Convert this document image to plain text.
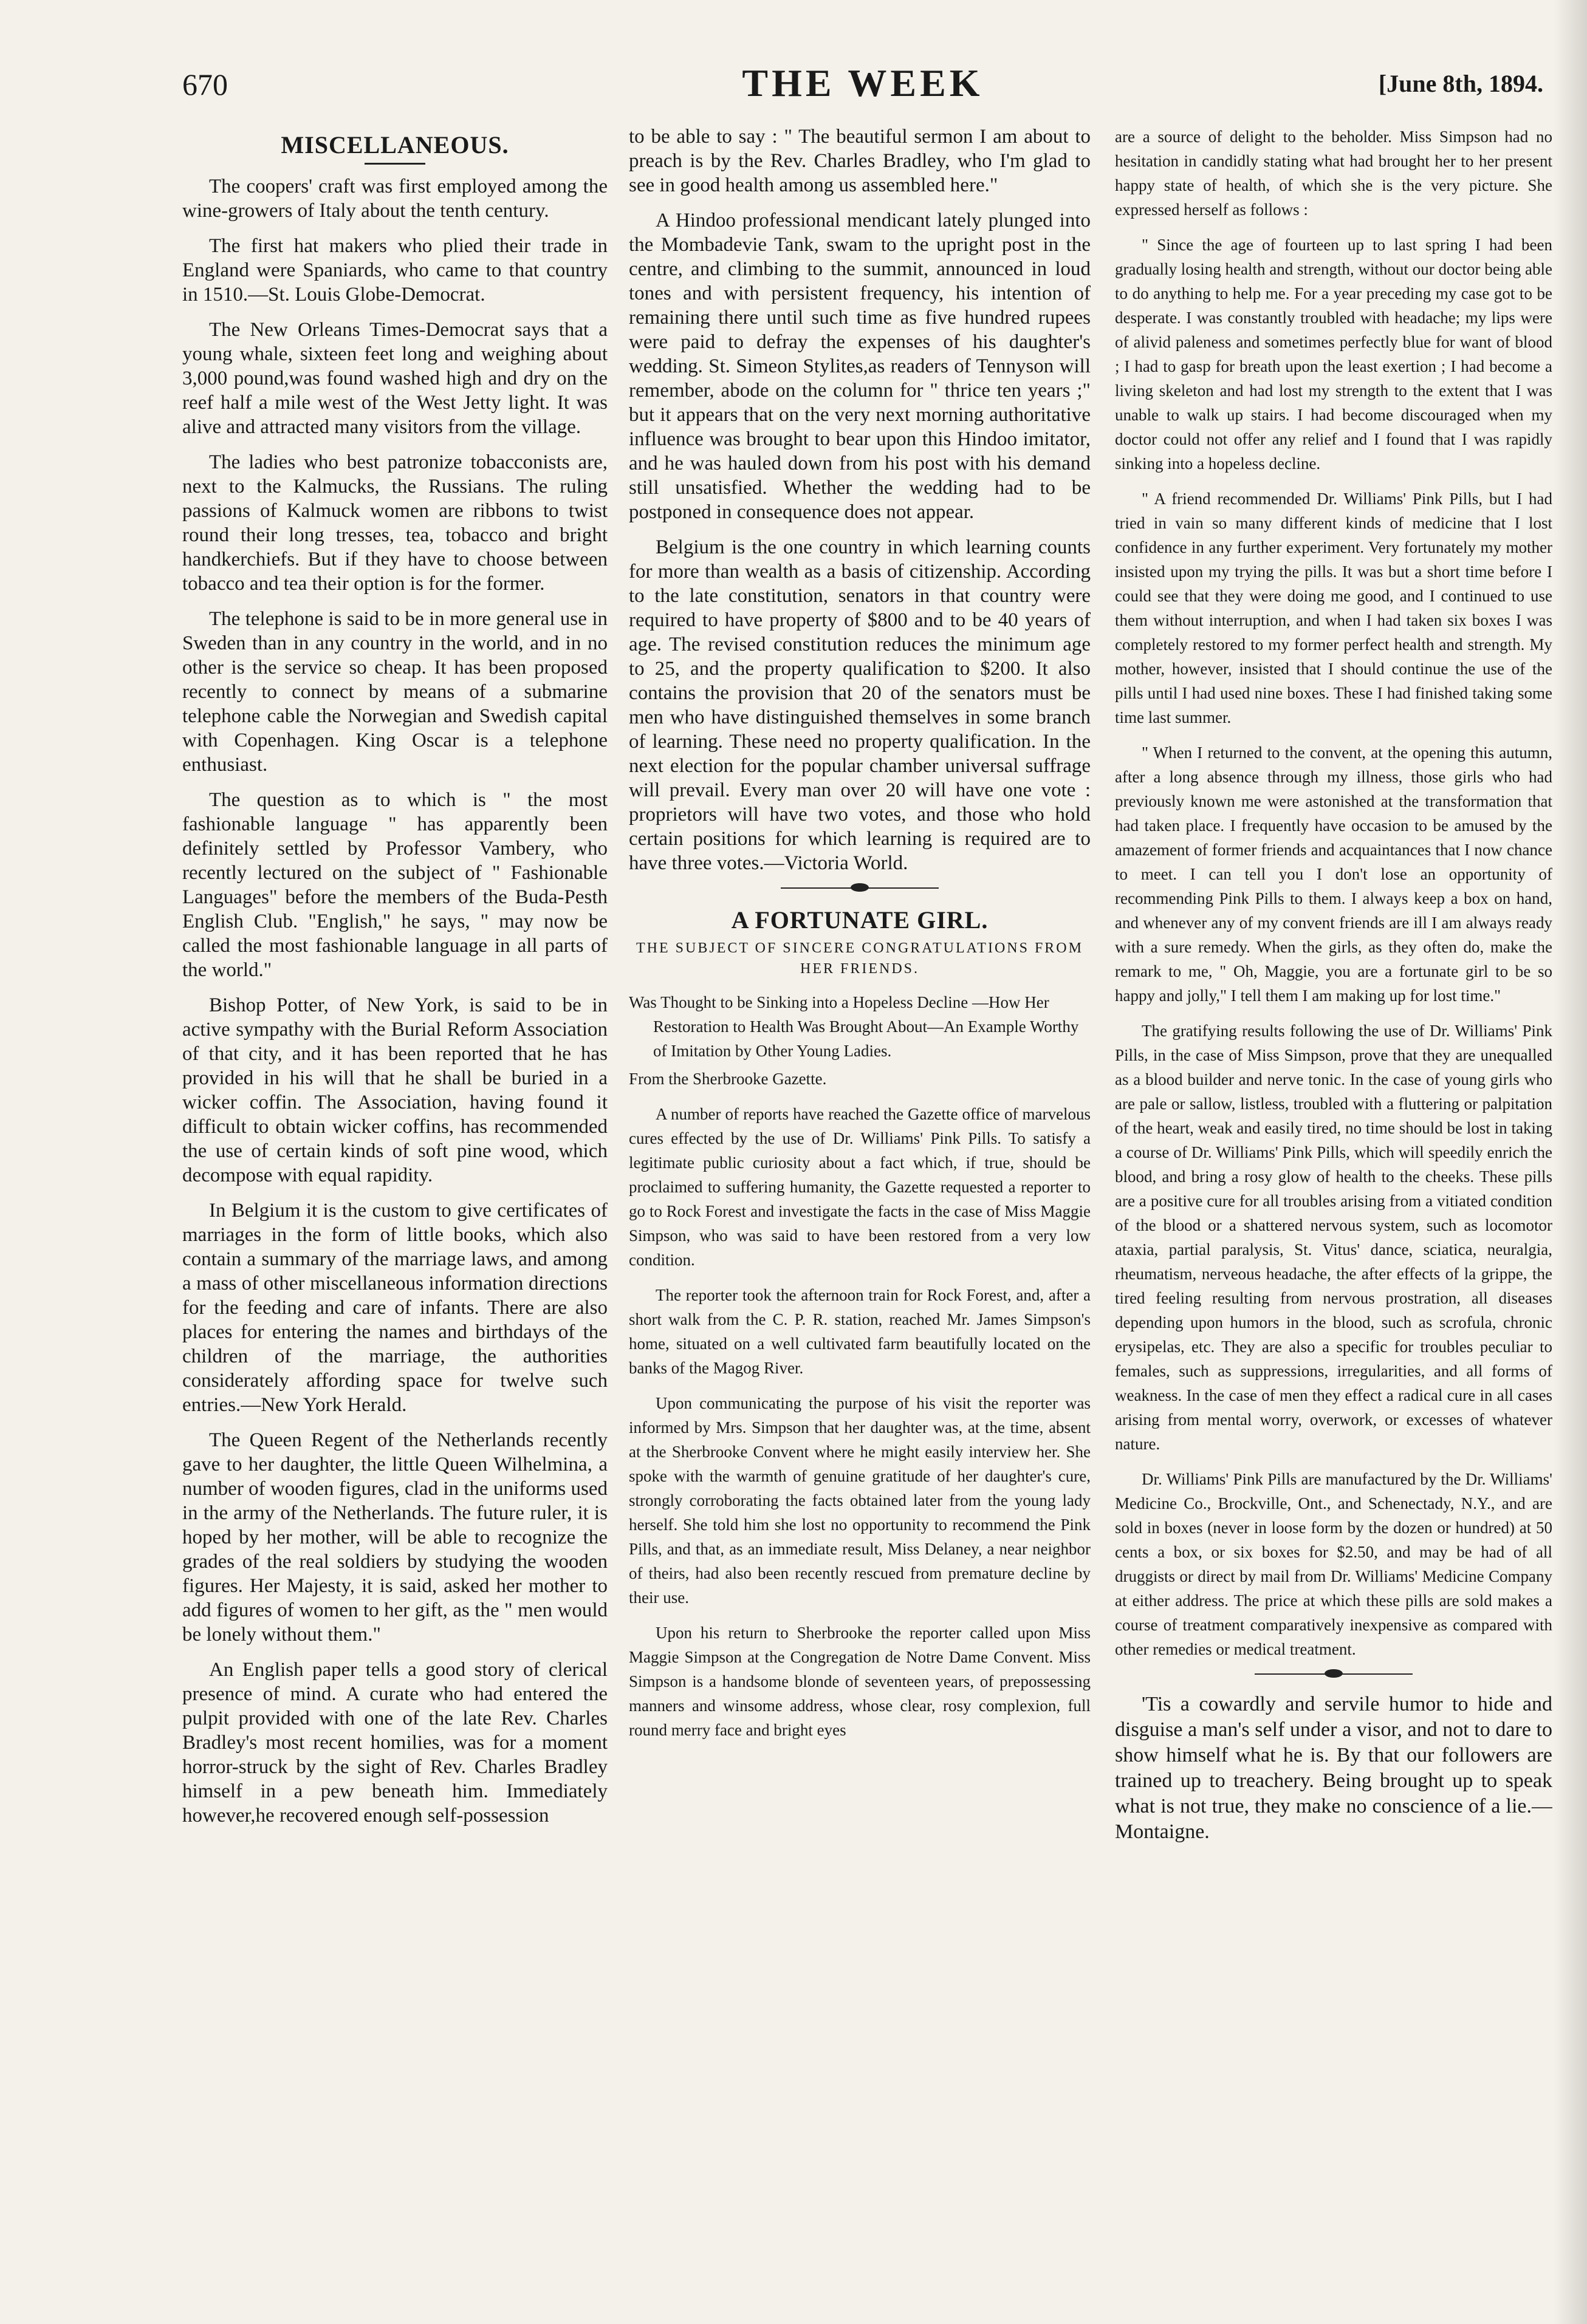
670	THE WEEK	[June 8th, 1894.
MISCELLANEOUS.

The coopers' craft was first employed among the wine-growers of Italy about the tenth century.

The first hat makers who plied their trade in England were Spaniards, who came to that country in 1510.—St. Louis Globe-Democrat.

The New Orleans Times-Democrat says that a young whale, sixteen feet long and weighing about 3,000 pound,was found washed high and dry on the reef half a mile west of the West Jetty light. It was alive and attracted many visitors from the village.

The ladies who best patronize tobacconists are, next to the Kalmucks, the Russians. The ruling passions of Kalmuck women are ribbons to twist round their long tresses, tea, tobacco and bright handkerchiefs. But if they have to choose between tobacco and tea their option is for the former.

The telephone is said to be in more general use in Sweden than in any country in the world, and in no other is the service so cheap. It has been proposed recently to connect by means of a submarine telephone cable the Norwegian and Swedish capital with Copenhagen. King Oscar is a telephone enthusiast.

The question as to which is " the most fashionable language " has apparently been definitely settled by Professor Vambery, who recently lectured on the subject of " Fashionable Languages" before the members of the Buda-Pesth English Club. "English," he says, " may now be called the most fashionable language in all parts of the world."

Bishop Potter, of New York, is said to be in active sympathy with the Burial Reform Association of that city, and it has been reported that he has provided in his will that he shall be buried in a wicker coffin. The Association, having found it difficult to obtain wicker coffins, has recommended the use of certain kinds of soft pine wood, which decompose with equal rapidity.

In Belgium it is the custom to give certificates of marriages in the form of little books, which also contain a summary of the marriage laws, and among a mass of other miscellaneous information directions for the feeding and care of infants. There are also places for entering the names and birthdays of the children of the marriage, the authorities considerately affording space for twelve such entries.—New York Herald.

The Queen Regent of the Netherlands recently gave to her daughter, the little Queen Wilhelmina, a number of wooden figures, clad in the uniforms used in the army of the Netherlands. The future ruler, it is hoped by her mother, will be able to recognize the grades of the real soldiers by studying the wooden figures. Her Majesty, it is said, asked her mother to add figures of women to her gift, as the " men would be lonely without them."

An English paper tells a good story of clerical presence of mind. A curate who had entered the pulpit provided with one of the late Rev. Charles Bradley's most recent homilies, was for a moment horror-struck by the sight of Rev. Charles Bradley himself in a pew beneath him. Immediately however,he recovered enough self-possession

to be able to say : " The beautiful sermon I am about to preach is by the Rev. Charles Bradley, who I'm glad to see in good health among us assembled here."

A Hindoo professional mendicant lately plunged into the Mombadevie Tank, swam to the upright post in the centre, and climbing to the summit, announced in loud tones and with persistent frequency, his intention of remaining there until such time as five hundred rupees were paid to defray the expenses of his daughter's wedding. St. Simeon Stylites,as readers of Tennyson will remember, abode on the column for " thrice ten years ;" but it appears that on the very next morning authoritative influence was brought to bear upon this Hindoo imitator, and he was hauled down from his post with his demand still unsatisfied. Whether the wedding had to be postponed in consequence does not appear.

Belgium is the one country in which learning counts for more than wealth as a basis of citizenship. According to the late constitution, senators in that country were required to have property of $800 and to be 40 years of age. The revised constitution reduces the minimum age to 25, and the property qualification to $200. It also contains the provision that 20 of the senators must be men who have distinguished themselves in some branch of learning. These need no property qualification. In the next election for the popular chamber universal suffrage will prevail. Every man over 20 will have one vote : proprietors will have two votes, and those who hold certain positions for which learning is required are to have three votes.—Victoria World.

A FORTUNATE GIRL.
THE SUBJECT OF SINCERE CONGRATULATIONS FROM HER FRIENDS.

Was Thought to be Sinking into a Hopeless Decline —How Her Restoration to Health Was Brought About—An Example Worthy of Imitation by Other Young Ladies.

From the Sherbrooke Gazette.

A number of reports have reached the Gazette office of marvelous cures effected by the use of Dr. Williams' Pink Pills. To satisfy a legitimate public curiosity about a fact which, if true, should be proclaimed to suffering humanity, the Gazette requested a reporter to go to Rock Forest and investigate the facts in the case of Miss Maggie Simpson, who was said to have been restored from a very low condition.

The reporter took the afternoon train for Rock Forest, and, after a short walk from the C. P. R. station, reached Mr. James Simpson's home, situated on a well cultivated farm beautifully located on the banks of the Magog River.

Upon communicating the purpose of his visit the reporter was informed by Mrs. Simpson that her daughter was, at the time, absent at the Sherbrooke Convent where he might easily interview her. She spoke with the warmth of genuine gratitude of her daughter's cure, strongly corroborating the facts obtained later from the young lady herself. She told him she lost no opportunity to recommend the Pink Pills, and that, as an immediate result, Miss Delaney, a near neighbor of theirs, had also been recently rescued from premature decline by their use.

Upon his return to Sherbrooke the reporter called upon Miss Maggie Simpson at the Congregation de Notre Dame Convent. Miss Simpson is a handsome blonde of seventeen years, of prepossessing manners and winsome address, whose clear, rosy complexion, full round merry face and bright eyes

are a source of delight to the beholder. Miss Simpson had no hesitation in candidly stating what had brought her to her present happy state of health, of which she is the very picture. She expressed herself as follows :

" Since the age of fourteen up to last spring I had been gradually losing health and strength, without our doctor being able to do anything to help me. For a year preceding my case got to be desperate. I was constantly troubled with headache; my lips were of alivid paleness and sometimes perfectly blue for want of blood ; I had to gasp for breath upon the least exertion ; I had become a living skeleton and had lost my strength to the extent that I was unable to walk up stairs. I had become discouraged when my doctor could not offer any relief and I found that I was rapidly sinking into a hopeless decline.

" A friend recommended Dr. Williams' Pink Pills, but I had tried in vain so many different kinds of medicine that I lost confidence in any further experiment. Very fortunately my mother insisted upon my trying the pills. It was but a short time before I could see that they were doing me good, and I continued to use them without interruption, and when I had taken six boxes I was completely restored to my former perfect health and strength. My mother, however, insisted that I should continue the use of the pills until I had used nine boxes. These I had finished taking some time last summer.

" When I returned to the convent, at the opening this autumn, after a long absence through my illness, those girls who had previously known me were astonished at the transformation that had taken place. I frequently have occasion to be amused by the amazement of former friends and acquaintances that I now chance to meet. I can tell you I don't lose an opportunity of recommending Pink Pills to them. I always keep a box on hand, and whenever any of my convent friends are ill I am always ready with a sure remedy. When the girls, as they often do, make the remark to me, " Oh, Maggie, you are a fortunate girl to be so happy and jolly," I tell them I am making up for lost time."

The gratifying results following the use of Dr. Williams' Pink Pills, in the case of Miss Simpson, prove that they are unequalled as a blood builder and nerve tonic. In the case of young girls who are pale or sallow, listless, troubled with a fluttering or palpitation of the heart, weak and easily tired, no time should be lost in taking a course of Dr. Williams' Pink Pills, which will speedily enrich the blood, and bring a rosy glow of health to the cheeks. These pills are a positive cure for all troubles arising from a vitiated condition of the blood or a shattered nervous system, such as locomotor ataxia, partial paralysis, St. Vitus' dance, sciatica, neuralgia, rheumatism, nerveous headache, the after effects of la grippe, the tired feeling resulting from nervous prostration, all diseases depending upon humors in the blood, such as scrofula, chronic erysipelas, etc. They are also a specific for troubles peculiar to females, such as suppressions, irregularities, and all forms of weakness. In the case of men they effect a radical cure in all cases arising from mental worry, overwork, or excesses of whatever nature.

Dr. Williams' Pink Pills are manufactured by the Dr. Williams' Medicine Co., Brockville, Ont., and Schenectady, N.Y., and are sold in boxes (never in loose form by the dozen or hundred) at 50 cents a box, or six boxes for $2.50, and may be had of all druggists or direct by mail from Dr. Williams' Medicine Company at either address. The price at which these pills are sold makes a course of treatment comparatively inexpensive as compared with other remedies or medical treatment.

'Tis a cowardly and servile humor to hide and disguise a man's self under a visor, and not to dare to show himself what he is. By that our followers are trained up to treachery. Being brought up to speak what is not true, they make no conscience of a lie.—Montaigne.
